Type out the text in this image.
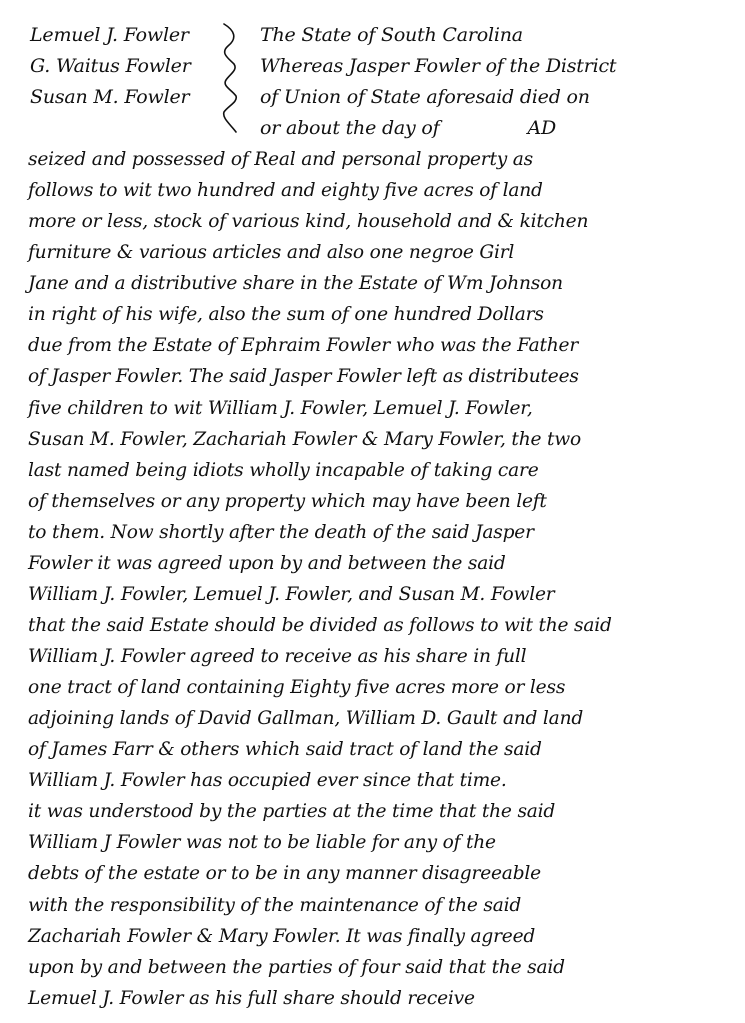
Lemuel J. Fowler
G. Waitus Fowler
Susan M. Fowler
The State of South Carolina
Whereas Jasper Fowler of the District
of Union of State aforesaid died on
or about the day of	AD
seized and possessed of Real and personal property as
follows to wit two hundred and eighty five acres of land
more or less, stock of various kind, household and & kitchen
furniture & various articles and also one negroe Girl
Jane and a distributive share in the Estate of Wm Johnson
in right of his wife, also the sum of one hundred Dollars
due from the Estate of Ephraim Fowler who was the Father
of Jasper Fowler. The said Jasper Fowler left as distributees
five children to wit William J. Fowler, Lemuel J. Fowler,
Susan M. Fowler, Zachariah Fowler & Mary Fowler, the two
last named being idiots wholly incapable of taking care
of themselves or any property which may have been left
to them. Now shortly after the death of the said Jasper
Fowler it was agreed upon by and between the said
William J. Fowler, Lemuel J. Fowler, and Susan M. Fowler
that the said Estate should be divided as follows to wit the said
William J. Fowler agreed to receive as his share in full
one tract of land containing Eighty five acres more or less
adjoining lands of David Gallman, William D. Gault and land
of James Farr & others which said tract of land the said
William J. Fowler has occupied ever since that time.
it was understood by the parties at the time that the said
William J Fowler was not to be liable for any of the
debts of the estate or to be in any manner disagreeable
with the responsibility of the maintenance of the said
Zachariah Fowler & Mary Fowler. It was finally agreed
upon by and between the parties of four said that the said
Lemuel J. Fowler as his full share should receive
